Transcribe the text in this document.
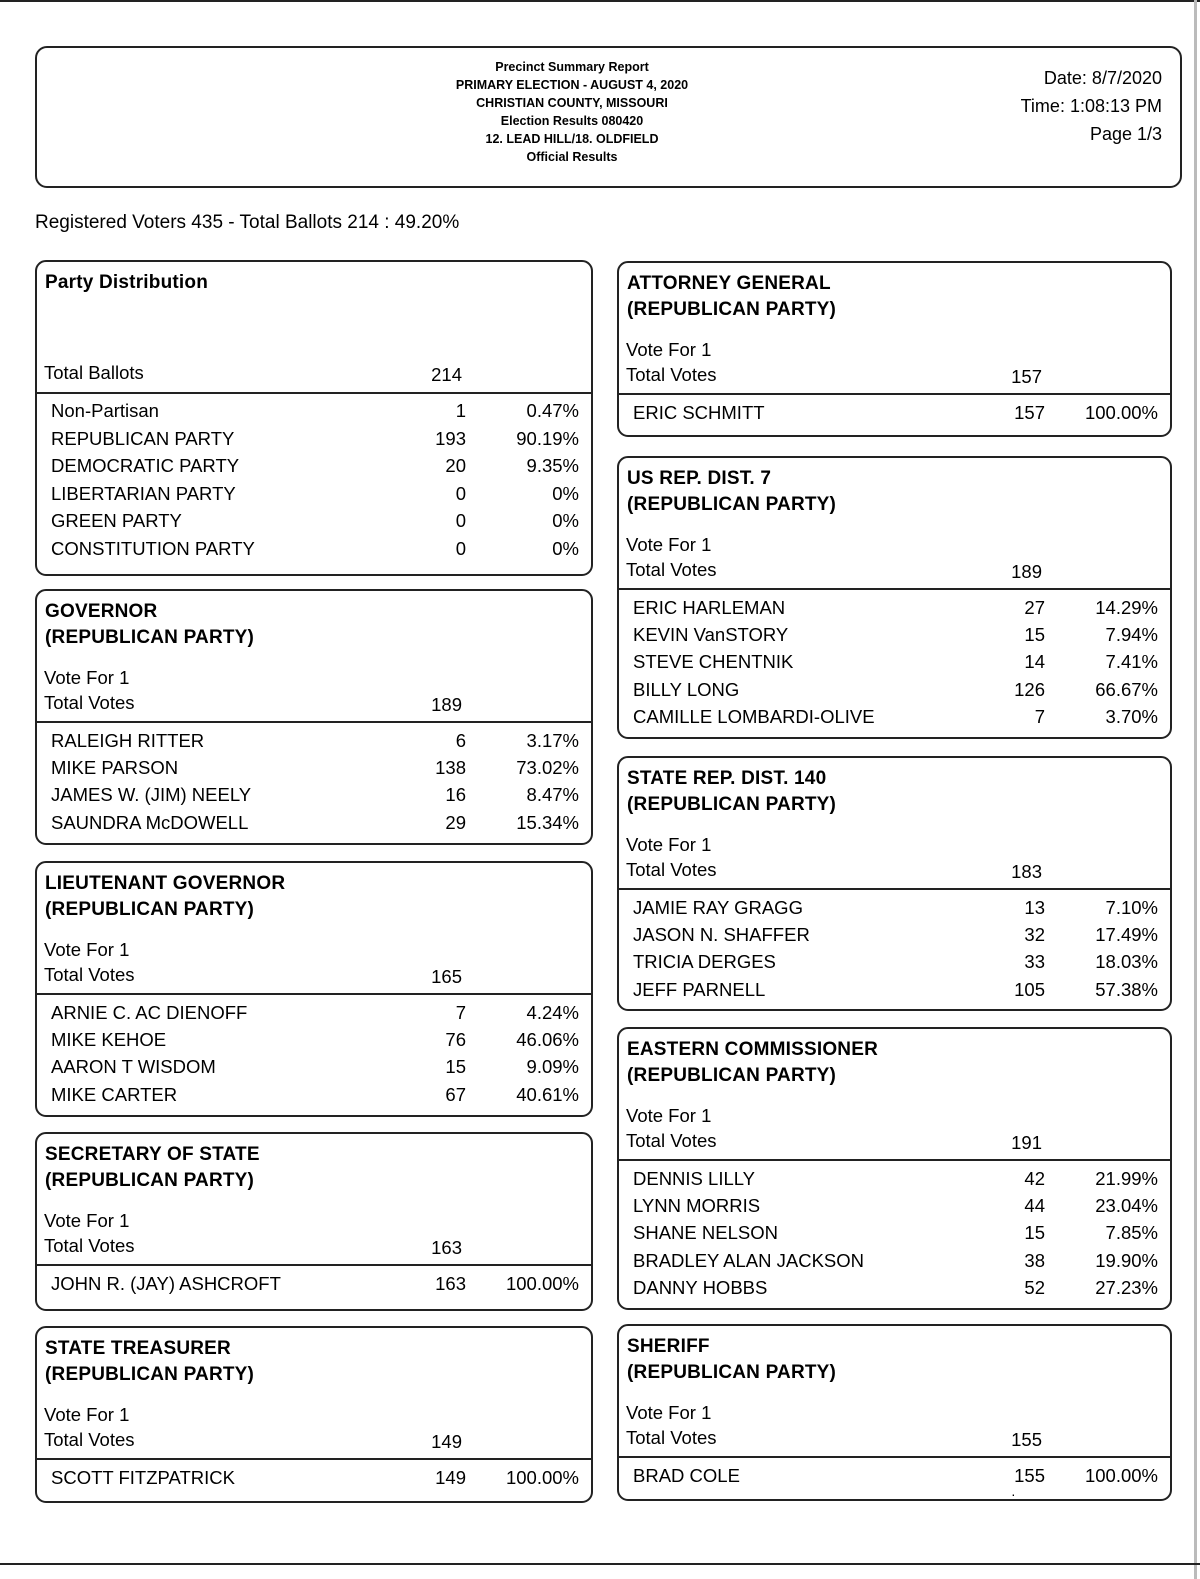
Precinct Summary Report
PRIMARY ELECTION - AUGUST 4, 2020
CHRISTIAN COUNTY, MISSOURI
Election Results 080420
12. LEAD HILL/18. OLDFIELD
Official Results
Date: 8/7/2020
Time: 1:08:13 PM
Page 1/3
Registered Voters 435 - Total Ballots 214 : 49.20%
Party Distribution
Total Ballots	214
Non-Partisan	1	0.47%
REPUBLICAN PARTY	193	90.19%
DEMOCRATIC PARTY	20	9.35%
LIBERTARIAN PARTY	0	0%
GREEN PARTY	0	0%
CONSTITUTION PARTY	0	0%
GOVERNOR
(REPUBLICAN PARTY)
Vote For 1
Total Votes	189
RALEIGH RITTER	6	3.17%
MIKE PARSON	138	73.02%
JAMES W. (JIM) NEELY	16	8.47%
SAUNDRA McDOWELL	29	15.34%
LIEUTENANT GOVERNOR
(REPUBLICAN PARTY)
Vote For 1
Total Votes	165
ARNIE C. AC DIENOFF	7	4.24%
MIKE KEHOE	76	46.06%
AARON T WISDOM	15	9.09%
MIKE CARTER	67	40.61%
SECRETARY OF STATE
(REPUBLICAN PARTY)
Vote For 1
Total Votes	163
JOHN R. (JAY) ASHCROFT	163	100.00%
STATE TREASURER
(REPUBLICAN PARTY)
Vote For 1
Total Votes	149
SCOTT FITZPATRICK	149	100.00%
ATTORNEY GENERAL
(REPUBLICAN PARTY)
Vote For 1
Total Votes	157
ERIC SCHMITT	157	100.00%
US REP. DIST. 7
(REPUBLICAN PARTY)
Vote For 1
Total Votes	189
ERIC HARLEMAN	27	14.29%
KEVIN VanSTORY	15	7.94%
STEVE CHENTNIK	14	7.41%
BILLY LONG	126	66.67%
CAMILLE LOMBARDI-OLIVE	7	3.70%
STATE REP. DIST. 140
(REPUBLICAN PARTY)
Vote For 1
Total Votes	183
JAMIE RAY GRAGG	13	7.10%
JASON N. SHAFFER	32	17.49%
TRICIA DERGES	33	18.03%
JEFF PARNELL	105	57.38%
EASTERN COMMISSIONER
(REPUBLICAN PARTY)
Vote For 1
Total Votes	191
DENNIS LILLY	42	21.99%
LYNN MORRIS	44	23.04%
SHANE NELSON	15	7.85%
BRADLEY ALAN JACKSON	38	19.90%
DANNY HOBBS	52	27.23%
SHERIFF
(REPUBLICAN PARTY)
Vote For 1
Total Votes	155
BRAD COLE	155	100.00%
·
